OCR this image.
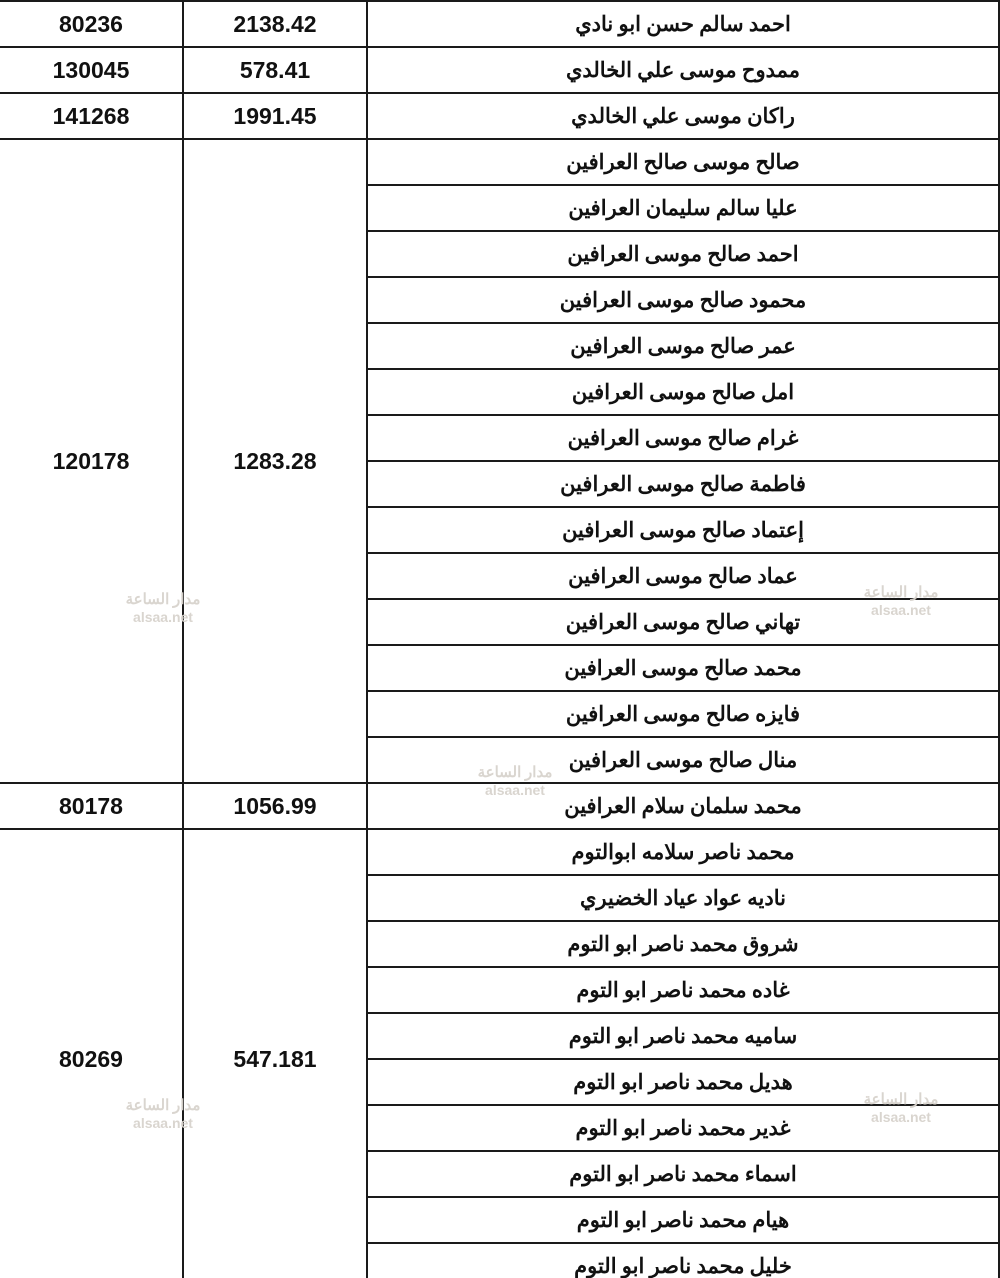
احمد سالم حسن ابو نادي	2138.42	80236
ممدوح موسى علي الخالدي	578.41	130045
راكان موسى علي الخالدي	1991.45	141268
صالح موسى صالح العرافين	1283.28	120178
عليا سالم سليمان العرافين		
احمد صالح موسى العرافين		
محمود صالح موسى العرافين		
عمر صالح موسى العرافين		
امل صالح موسى العرافين		
غرام صالح موسى العرافين		
فاطمة صالح موسى العرافين		
إعتماد صالح موسى العرافين		
عماد صالح موسى العرافين		
تهاني صالح موسى العرافين		
محمد صالح موسى العرافين		
فايزه صالح موسى العرافين		
منال صالح موسى العرافين		
محمد سلمان سلام العرافين	1056.99	80178
محمد ناصر سلامه ابوالتوم	547.181	80269
ناديه عواد عياد الخضيري		
شروق محمد ناصر ابو التوم		
غاده محمد ناصر ابو التوم		
ساميه محمد ناصر ابو التوم		
هديل محمد ناصر ابو التوم		
غدير محمد ناصر ابو التوم		
اسماء محمد ناصر ابو التوم		
هيام محمد ناصر ابو التوم		
خليل محمد ناصر ابو التوم		
مدار الساعة
alsaa.net
مدار الساعة
alsaa.net
مدار الساعة
alsaa.net
مدار الساعة
alsaa.net
مدار الساعة
alsaa.net
